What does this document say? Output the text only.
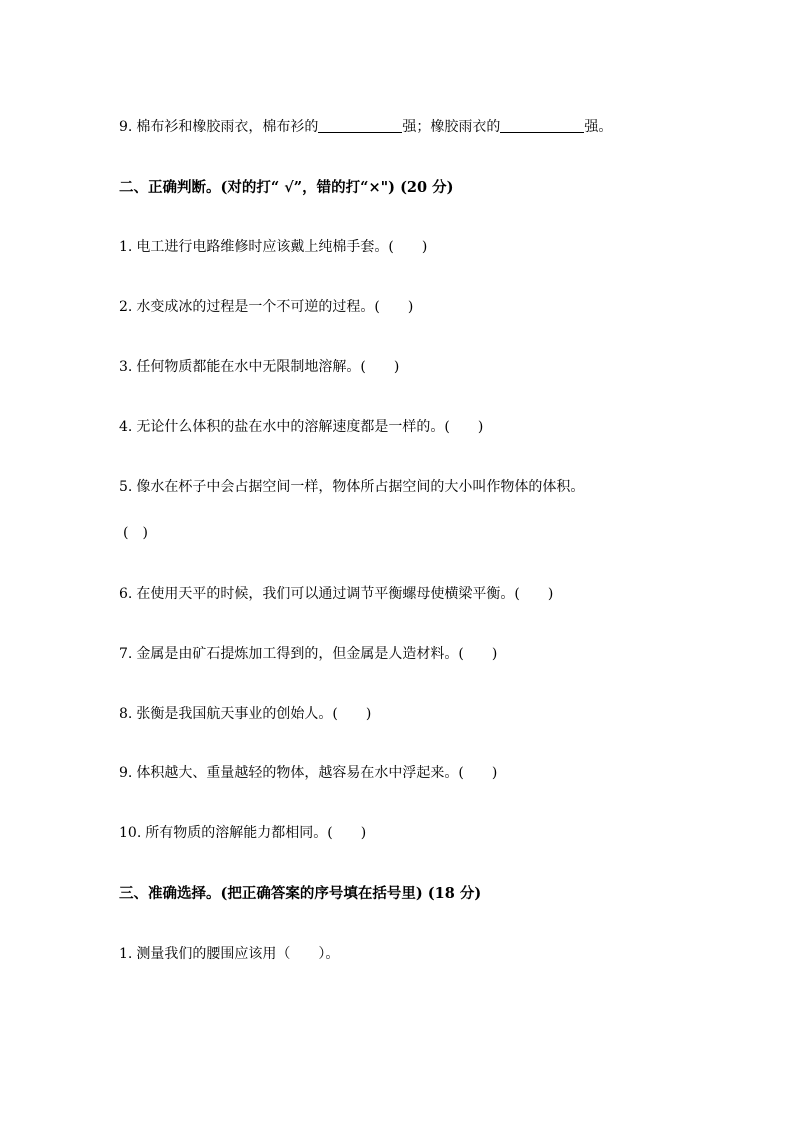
9. 棉布衫和橡胶雨衣，棉布衫的	强；橡胶雨衣的	强。
二、正确判断。(对的打“ √”，错的打“×") (20 分)
1. 电工进行电路维修时应该戴上纯棉手套。(　　)
2. 水变成冰的过程是一个不可逆的过程。(　　)
3. 任何物质都能在水中无限制地溶解。(　　)
4. 无论什么体积的盐在水中的溶解速度都是一样的。(　　)
5. 像水在杯子中会占据空间一样，物体所占据空间的大小叫作物体的体积。
(　)
6. 在使用天平的时候，我们可以通过调节平衡螺母使横梁平衡。(　　)
7. 金属是由矿石提炼加工得到的，但金属是人造材料。(　　)
8. 张衡是我国航天事业的创始人。(　　)
9. 体积越大、重量越轻的物体，越容易在水中浮起来。(　　)
10. 所有物质的溶解能力都相同。(　　)
三、准确选择。(把正确答案的序号填在括号里) (18 分)
1. 测量我们的腰围应该用（　　）。
